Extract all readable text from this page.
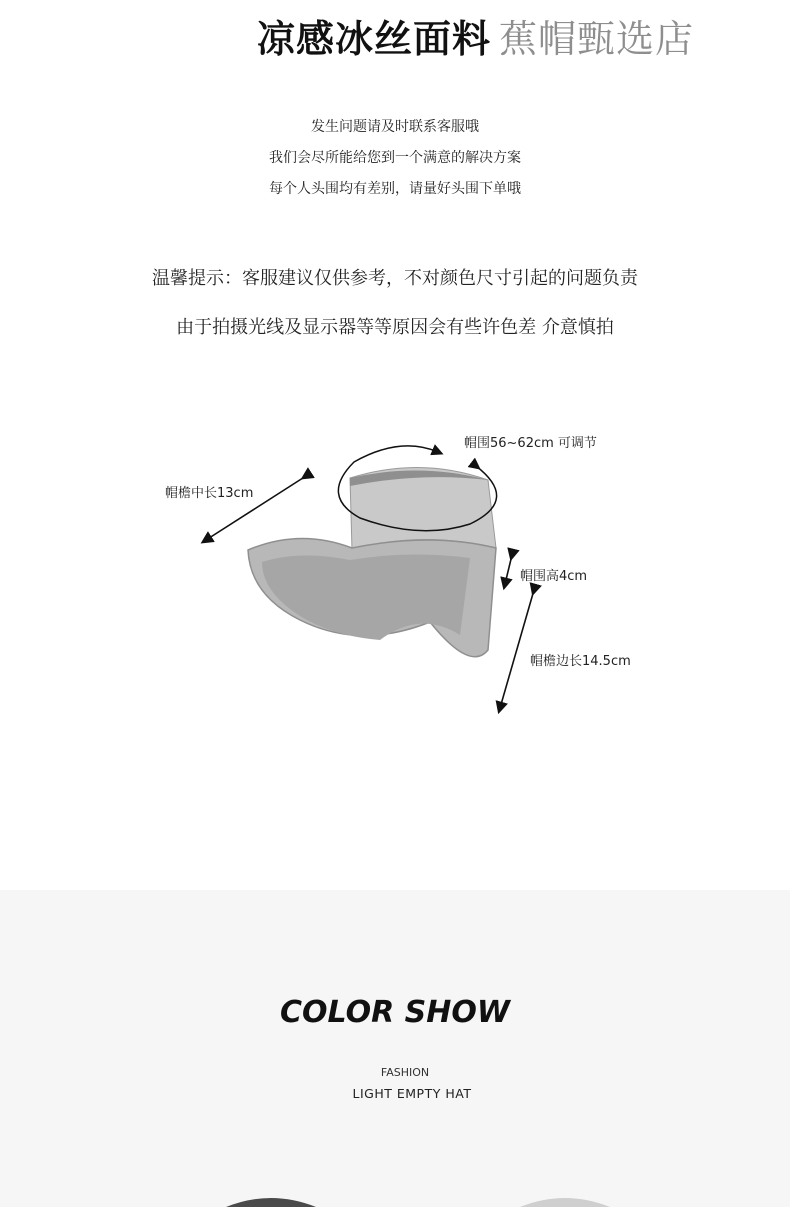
凉感冰丝面料 蕉帽甄选店
发生问题请及时联系客服哦
我们会尽所能给您到一个满意的解决方案
每个人头围均有差别，请量好头围下单哦
温馨提示：客服建议仅供参考，不对颜色尺寸引起的问题负责
由于拍摄光线及显示器等等原因会有些许色差 介意慎拍
帽檐中长13cm
帽围56~62cm 可调节
帽围高4cm
帽檐边长14.5cm
COLOR SHOW
FASHION
LIGHT EMPTY HAT
